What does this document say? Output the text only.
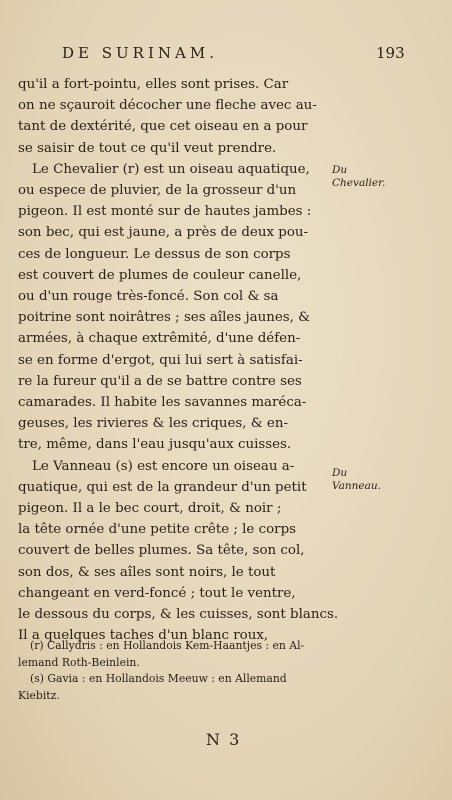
DE SURINAM.	193
qu'il a fort-pointu, elles sont prises. Car
on ne sçauroit décocher une fleche avec au-
tant de dextérité, que cet oiseau en a pour
se saisir de tout ce qu'il veut prendre.
Le Chevalier (r) est un oiseau aquatique,
ou espece de pluvier, de la grosseur d'un
pigeon. Il est monté sur de hautes jambes :
son bec, qui est jaune, a près de deux pou-
ces de longueur. Le dessus de son corps
est couvert de plumes de couleur canelle,
ou d'un rouge très-foncé. Son col & sa
poitrine sont noirâtres ; ses aîles jaunes, &
armées, à chaque extrêmité, d'une défen-
se en forme d'ergot, qui lui sert à satisfai-
re la fureur qu'il a de se battre contre ses
camarades. Il habite les savannes maréca-
geuses, les rivieres & les criques, & en-
tre, même, dans l'eau jusqu'aux cuisses.
Le Vanneau (s) est encore un oiseau a-
quatique, qui est de la grandeur d'un petit
pigeon. Il a le bec court, droit, & noir ;
la tête ornée d'une petite crête ; le corps
couvert de belles plumes. Sa tête, son col,
son dos, & ses aîles sont noirs, le tout
changeant en verd-foncé ; tout le ventre,
le dessous du corps, & les cuisses, sont blancs.
Il a quelques taches d'un blanc roux,
Du Chevalier.
Du Vanneau.
(r) Callydris : en Hollandois Kem-Haantjes : en Al-
lemand Roth-Beinlein.
(s) Gavia : en Hollandois Meeuw : en Allemand
Kiebitz.
N 3
